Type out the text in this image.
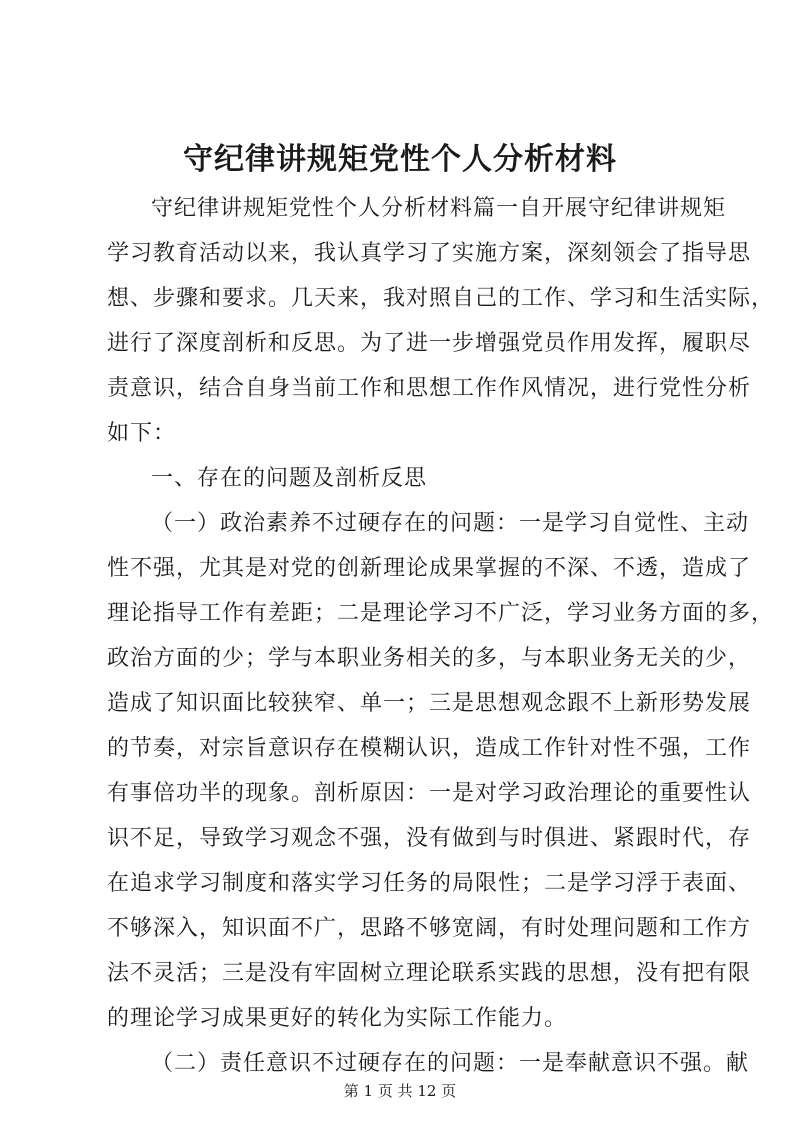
守纪律讲规矩党性个人分析材料
守纪律讲规矩党性个人分析材料篇一自开展守纪律讲规矩
学习教育活动以来，我认真学习了实施方案，深刻领会了指导思
想、步骤和要求。几天来，我对照自己的工作、学习和生活实际，
进行了深度剖析和反思。为了进一步增强党员作用发挥，履职尽
责意识，结合自身当前工作和思想工作作风情况，进行党性分析
如下：
一、存在的问题及剖析反思
（一）政治素养不过硬存在的问题：一是学习自觉性、主动
性不强，尤其是对党的创新理论成果掌握的不深、不透，造成了
理论指导工作有差距；二是理论学习不广泛，学习业务方面的多，
政治方面的少；学与本职业务相关的多，与本职业务无关的少，
造成了知识面比较狭窄、单一；三是思想观念跟不上新形势发展
的节奏，对宗旨意识存在模糊认识，造成工作针对性不强，工作
有事倍功半的现象。剖析原因：一是对学习政治理论的重要性认
识不足，导致学习观念不强，没有做到与时俱进、紧跟时代，存
在追求学习制度和落实学习任务的局限性；二是学习浮于表面、
不够深入，知识面不广，思路不够宽阔，有时处理问题和工作方
法不灵活；三是没有牢固树立理论联系实践的思想，没有把有限
的理论学习成果更好的转化为实际工作能力。
（二）责任意识不过硬存在的问题：一是奉献意识不强。献
第 1 页 共 12 页
